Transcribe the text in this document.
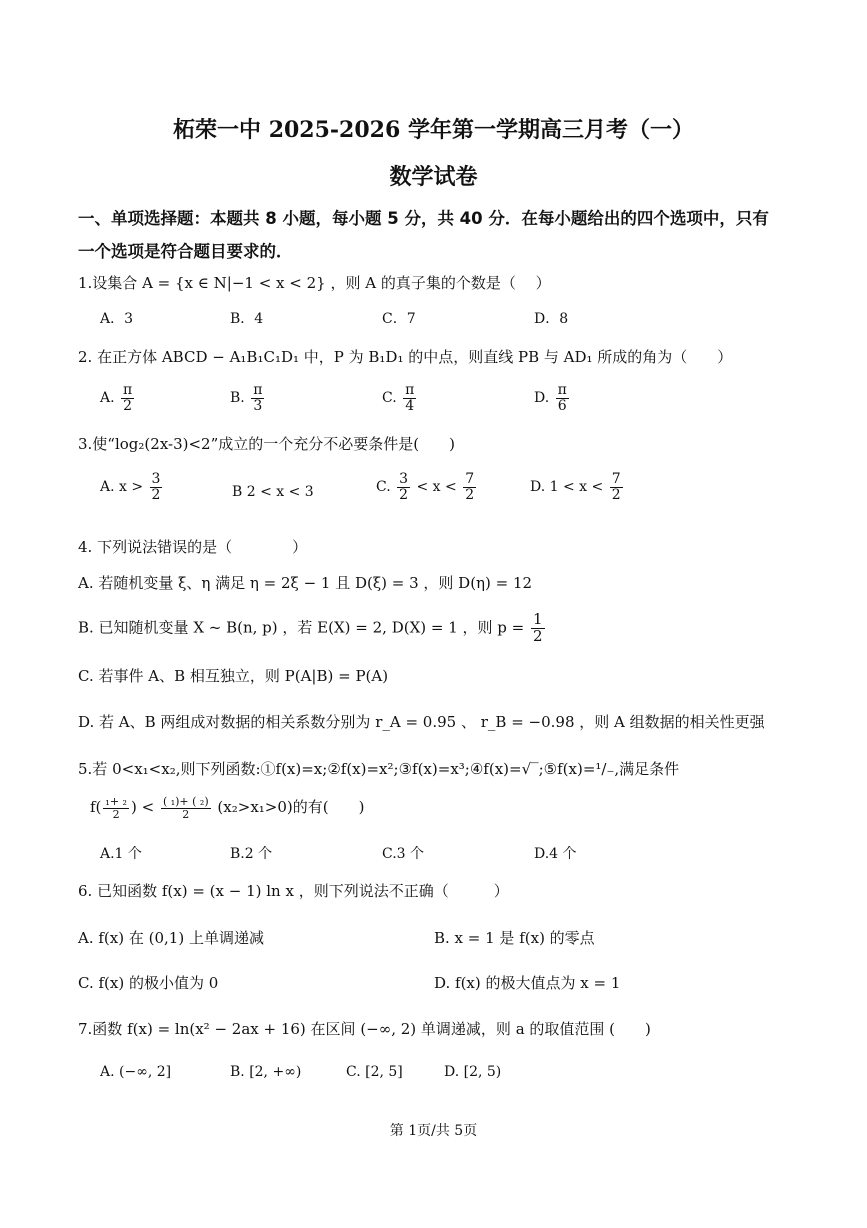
柘荣一中 2025-2026 学年第一学期高三月考（一）
数学试卷
一、单项选择题：本题共 8 小题，每小题 5 分，共 40 分．在每小题给出的四个选项中，只有
一个选项是符合题目要求的．
1.设集合 A = {x ∈ N|−1 < x < 2} ，则 A 的真子集的个数是（　 ）
A．3	B．4	C．7	D．8
2. 在正方体 ABCD − A₁B₁C₁D₁ 中，P 为 B₁D₁ 的中点，则直线 PB 与 AD₁ 所成的角为（　　）
A. $\frac{\pi}{2}$	B. $\frac{\pi}{3}$	C. $\frac{\pi}{4}$	D. $\frac{\pi}{6}$
3.使“log₂(2x-3)<2”成立的一个充分不必要条件是(　　)
A. $x > \frac{3}{2}$	B 2 < x < 3	C. $\frac{3}{2} < x < \frac{7}{2}$	D. $1 < x < \frac{7}{2}$
4. 下列说法错误的是（　　　　）
A. 若随机变量 ξ、η 满足 η = 2ξ − 1 且 D(ξ) = 3 ，则 D(η) = 12
B. 已知随机变量 X ~ B(n, p) ，若 E(X) = 2, D(X) = 1 ，则 $p = \frac{1}{2}$
C. 若事件 A、B 相互独立，则 P(A|B) = P(A)
D. 若 A、B 两组成对数据的相关系数分别为 r_A = 0.95 、 r_B = −0.98 ，则 A 组数据的相关性更强
5.若 0<x₁<x₂,则下列函数:①f(x)=x;②f(x)=x²;③f(x)=x³;④f(x)=√‾;⑤f(x)=¹/₋,满足条件
$f( \frac{\text{₁+ ₂}}{2}$ ) < $\frac{\text{( ₁)+ ( ₂)}}{2} (x_2>x_1>0)$的有(　　)
A.1 个	B.2 个	C.3 个	D.4 个
6. 已知函数 f(x) = (x − 1) ln x ，则下列说法不正确（　　　）
A. f(x) 在 (0,1) 上单调递减	B. x = 1 是 f(x) 的零点
C. f(x) 的极小值为 0	D. f(x) 的极大值点为 x = 1
7.函数 f(x) = ln(x² − 2ax + 16) 在区间 (−∞, 2) 单调递减，则 a 的取值范围 (　　)
A. (−∞, 2]	B. [2, +∞)	C. [2, 5]	D. [2, 5)
第 1页/共 5页
